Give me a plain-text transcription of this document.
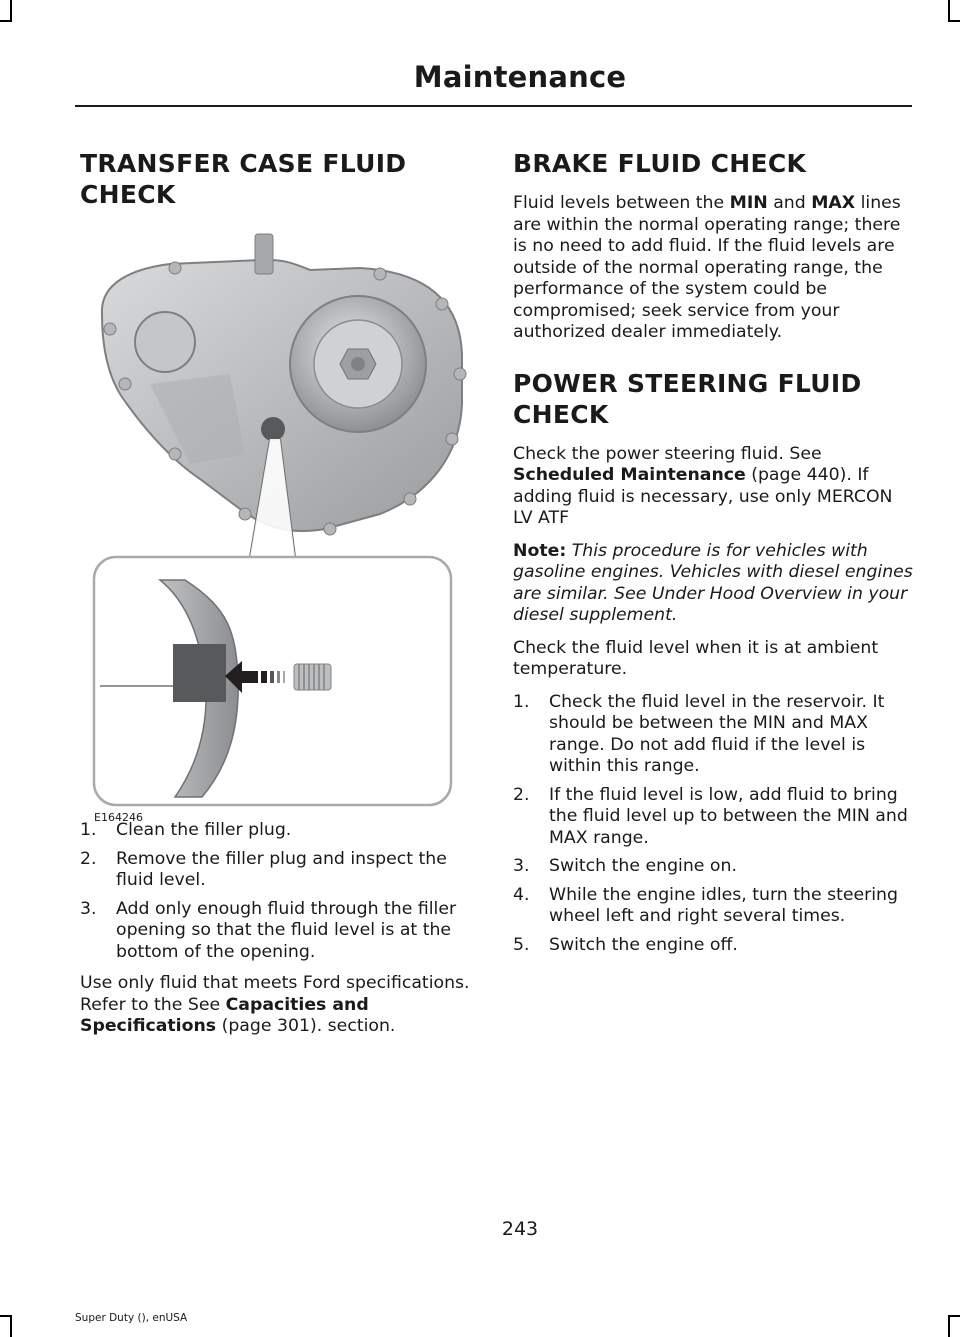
Maintenance
TRANSFER CASE FLUID
CHECK
E164246
1. Clean the filler plug.
2. Remove the filler plug and inspect the fluid level.
3. Add only enough fluid through the filler opening so that the fluid level is at the bottom of the opening.

Use only fluid that meets Ford specifications. Refer to the See Capacities and Specifications (page 301). section.

BRAKE FLUID CHECK

Fluid levels between the MIN and MAX lines are within the normal operating range; there is no need to add fluid. If the fluid levels are outside of the normal operating range, the performance of the system could be compromised; seek service from your authorized dealer immediately.

POWER STEERING FLUID
CHECK

Check the power steering fluid. See Scheduled Maintenance (page 440). If adding fluid is necessary, use only MERCON LV ATF

Note: This procedure is for vehicles with gasoline engines. Vehicles with diesel engines are similar. See Under Hood Overview in your diesel supplement.

Check the fluid level when it is at ambient temperature.

1. Check the fluid level in the reservoir. It should be between the MIN and MAX range. Do not add fluid if the level is within this range.
2. If the fluid level is low, add fluid to bring the fluid level up to between the MIN and MAX range.
3. Switch the engine on.
4. While the engine idles, turn the steering wheel left and right several times.
5. Switch the engine off.
243
Super Duty (), enUSA
